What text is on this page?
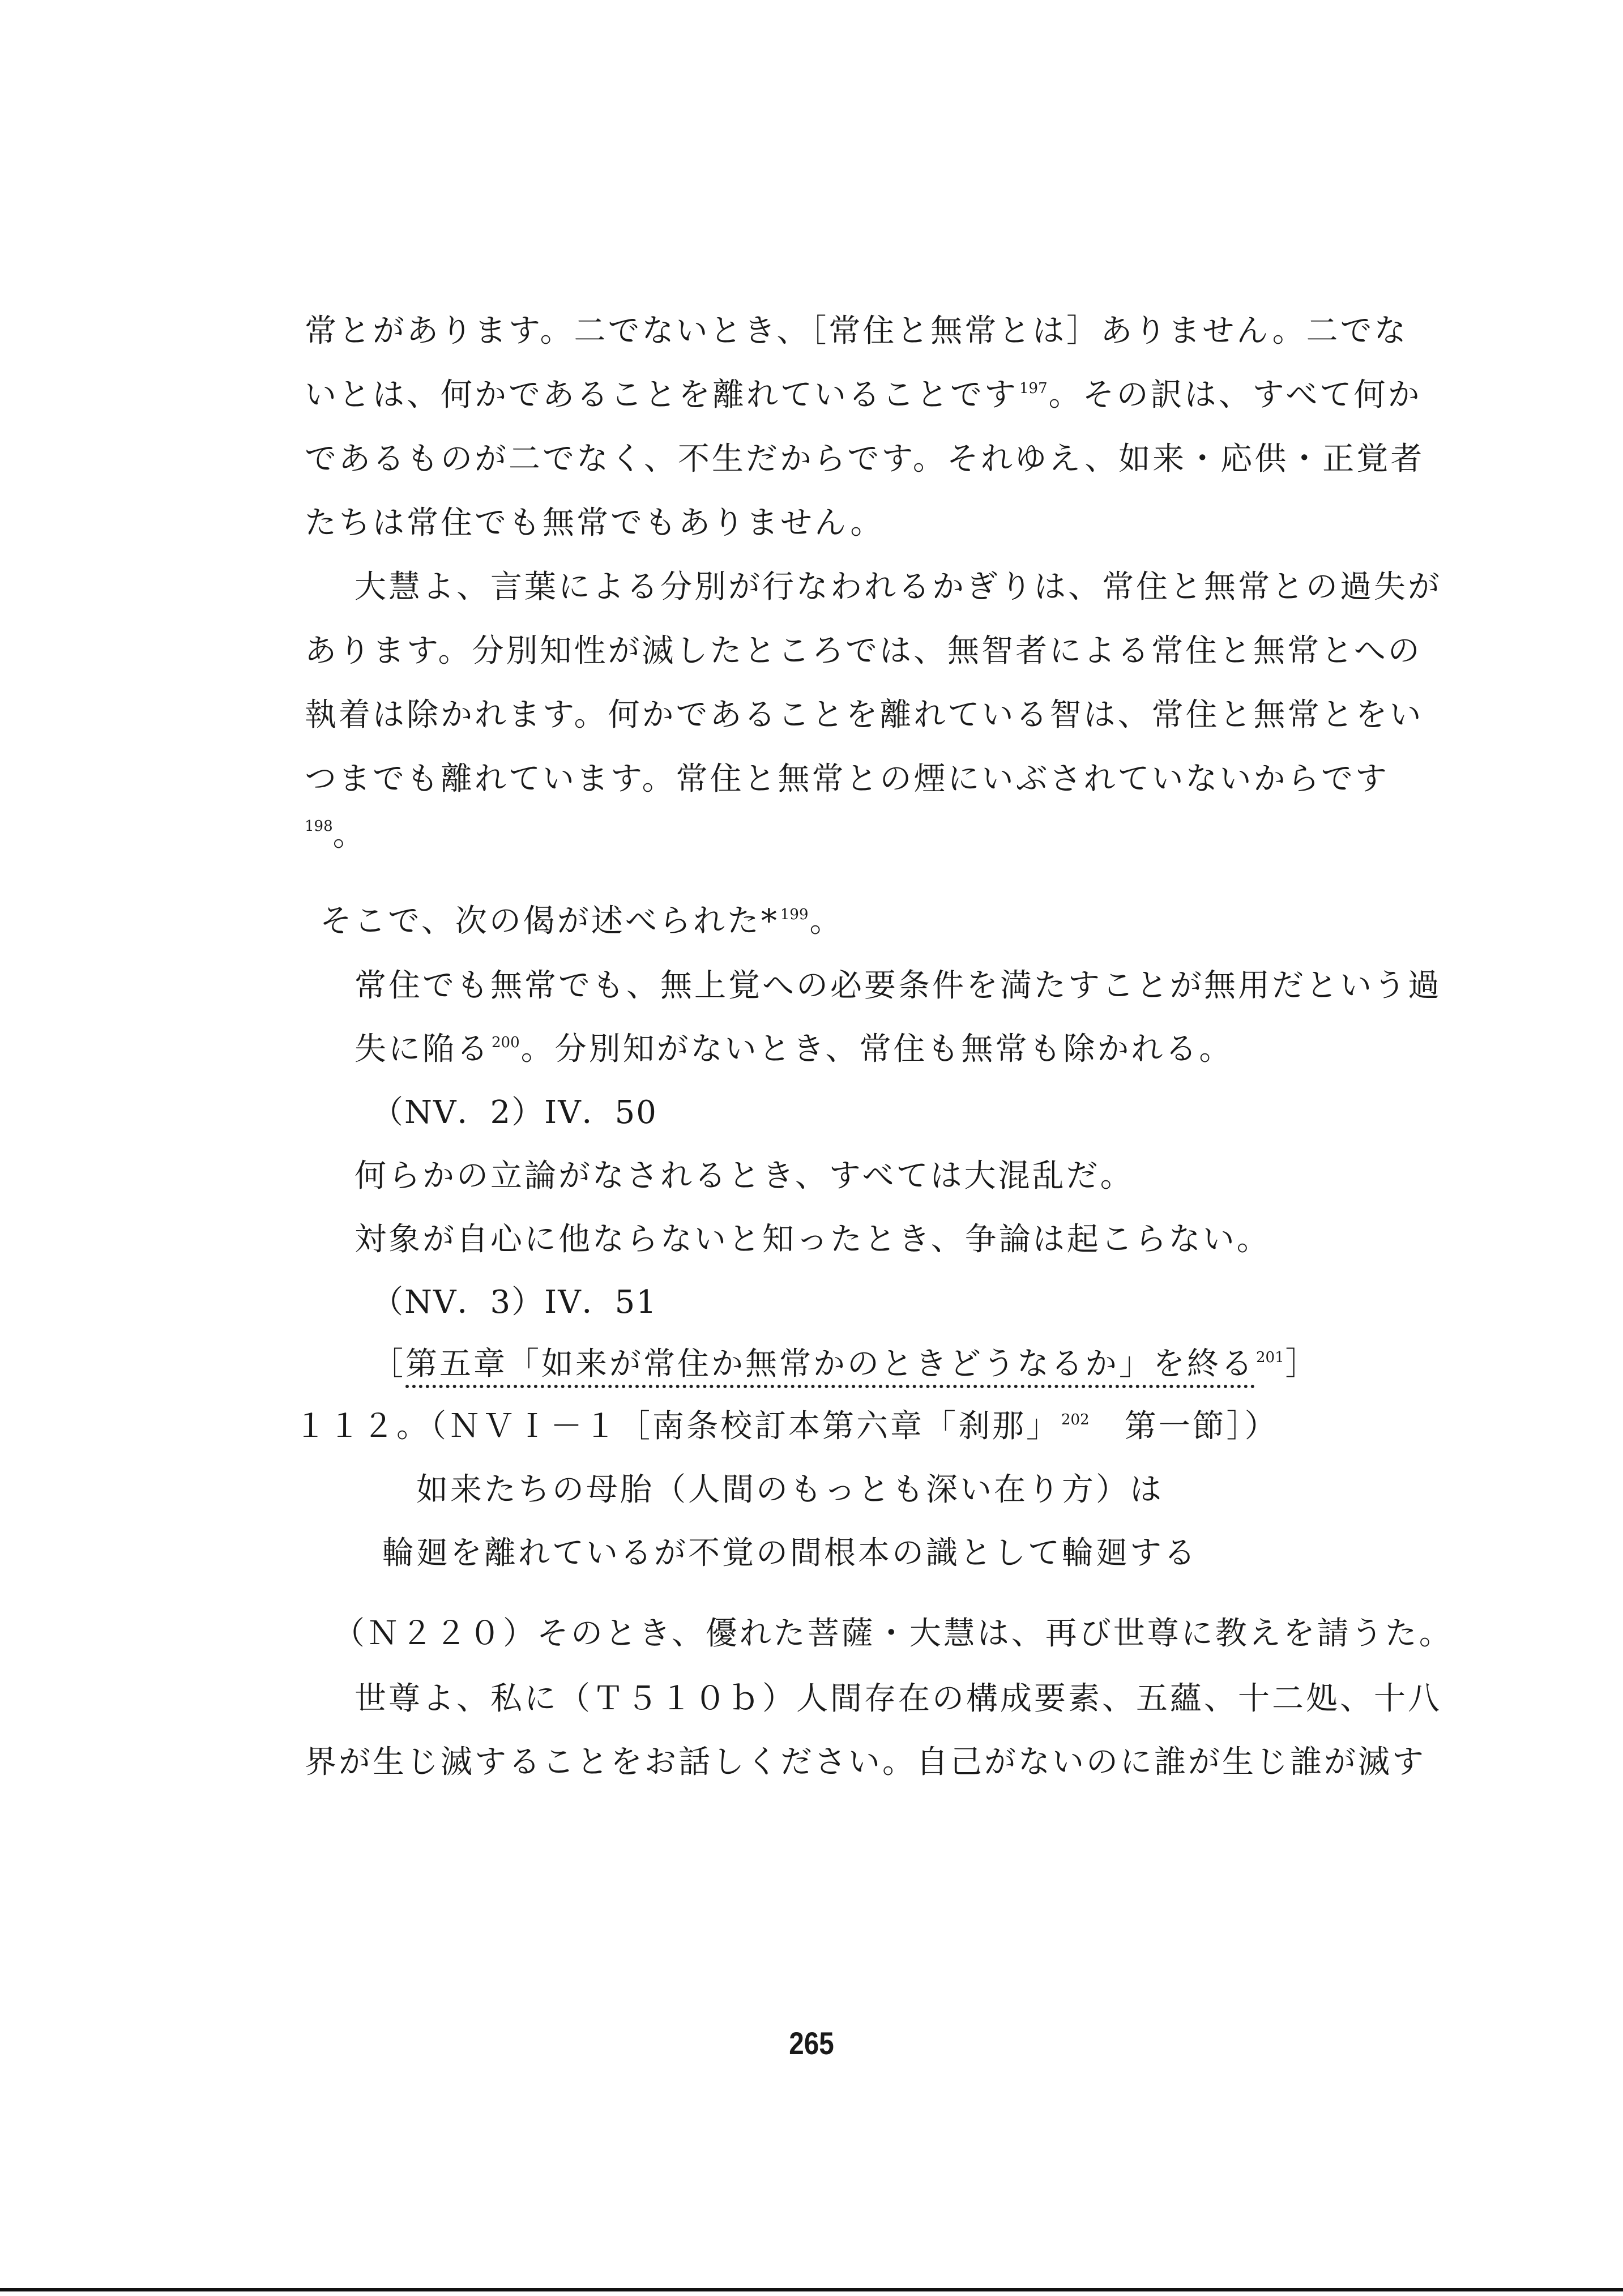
常とがあります。二でないとき、［常住と無常とは］ありません。二でな
いとは、何かであることを離れていることです$^{197}$。その訳は、すべて何か
であるものが二でなく、不生だからです。それゆえ、如来・応供・正覚者
たちは常住でも無常でもありません。
大慧よ、言葉による分別が行なわれるかぎりは、常住と無常との過失が
あります。分別知性が滅したところでは、無智者による常住と無常とへの
執着は除かれます。何かであることを離れている智は、常住と無常とをい
つまでも離れています。常住と無常との煙にいぶされていないからです
$^{198}$。
そこで、次の偈が述べられた*$^{199}$。
常住でも無常でも、無上覚への必要条件を満たすことが無用だという過
失に陥る$^{200}$。分別知がないとき、常住も無常も除かれる。
（NV．2）IV．50
何らかの立論がなされるとき、すべては大混乱だ。
対象が自心に他ならないと知ったとき、争論は起こらない。
（NV．3）IV．51
［第五章「如来が常住か無常かのときどうなるか」を終る$^{201}$］
１１２。（ＮＶＩ－１［南条校訂本第六章「刹那」$^{202}$　第一節］）
如来たちの母胎（人間のもっとも深い在り方）は
輪廻を離れているが不覚の間根本の識として輪廻する
（Ｎ２２０）そのとき、優れた菩薩・大慧は、再び世尊に教えを請うた。
世尊よ、私に（Ｔ５１０ｂ）人間存在の構成要素、五蘊、十二処、十八
界が生じ滅することをお話しください。自己がないのに誰が生じ誰が滅す
265
